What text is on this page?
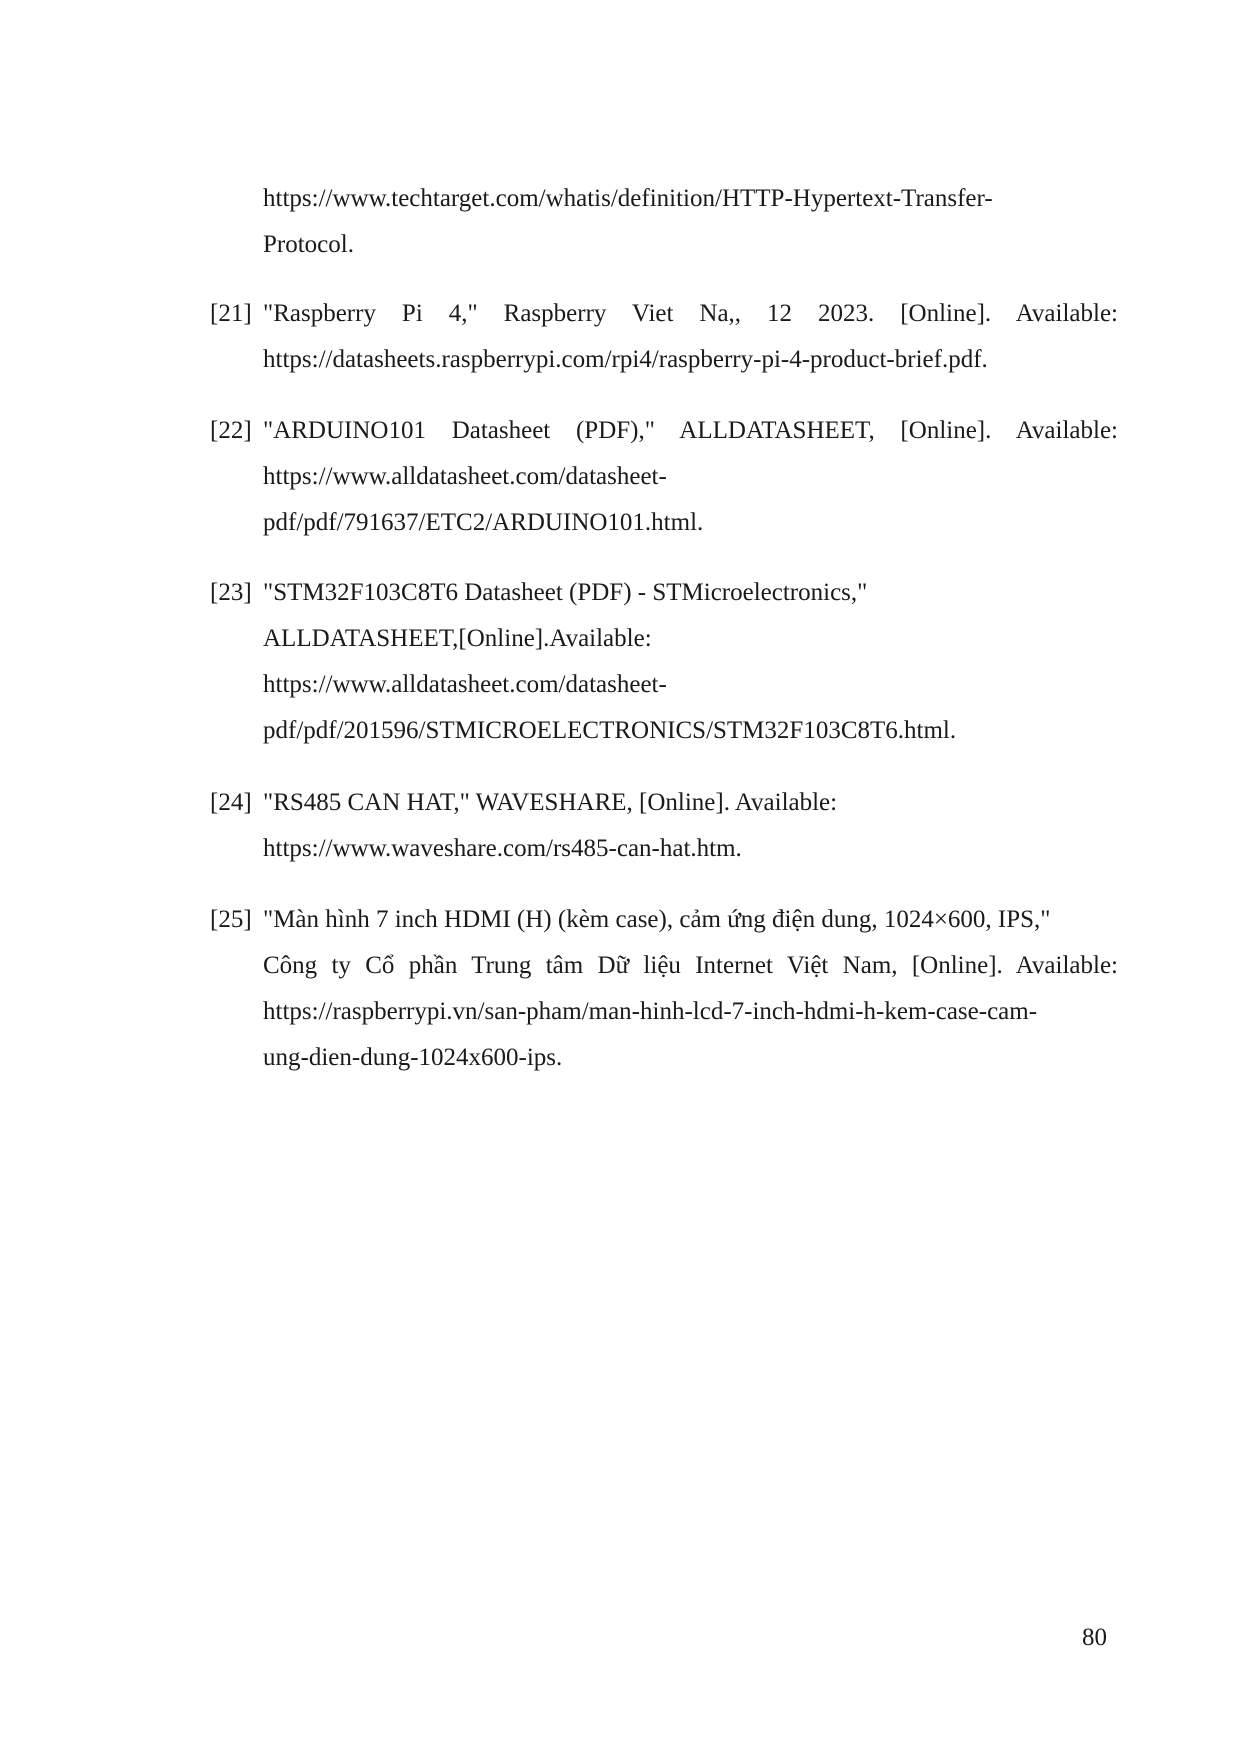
https://www.techtarget.com/whatis/definition/HTTP-Hypertext-Transfer-
Protocol.
[21] "Raspberry Pi 4," Raspberry Viet Na,, 12 2023. [Online]. Available:
https://datasheets.raspberrypi.com/rpi4/raspberry-pi-4-product-brief.pdf.
[22] "ARDUINO101 Datasheet (PDF)," ALLDATASHEET, [Online]. Available:
https://www.alldatasheet.com/datasheet-
pdf/pdf/791637/ETC2/ARDUINO101.html.
[23] "STM32F103C8T6 Datasheet (PDF) - STMicroelectronics,"
ALLDATASHEET,[Online].Available:
https://www.alldatasheet.com/datasheet-
pdf/pdf/201596/STMICROELECTRONICS/STM32F103C8T6.html.
[24] "RS485 CAN HAT," WAVESHARE, [Online]. Available:
https://www.waveshare.com/rs485-can-hat.htm.
[25] "Màn hình 7 inch HDMI (H) (kèm case), cảm ứng điện dung, 1024×600, IPS,"
Công ty Cổ phần Trung tâm Dữ liệu Internet Việt Nam, [Online]. Available:
https://raspberrypi.vn/san-pham/man-hinh-lcd-7-inch-hdmi-h-kem-case-cam-
ung-dien-dung-1024x600-ips.
80
